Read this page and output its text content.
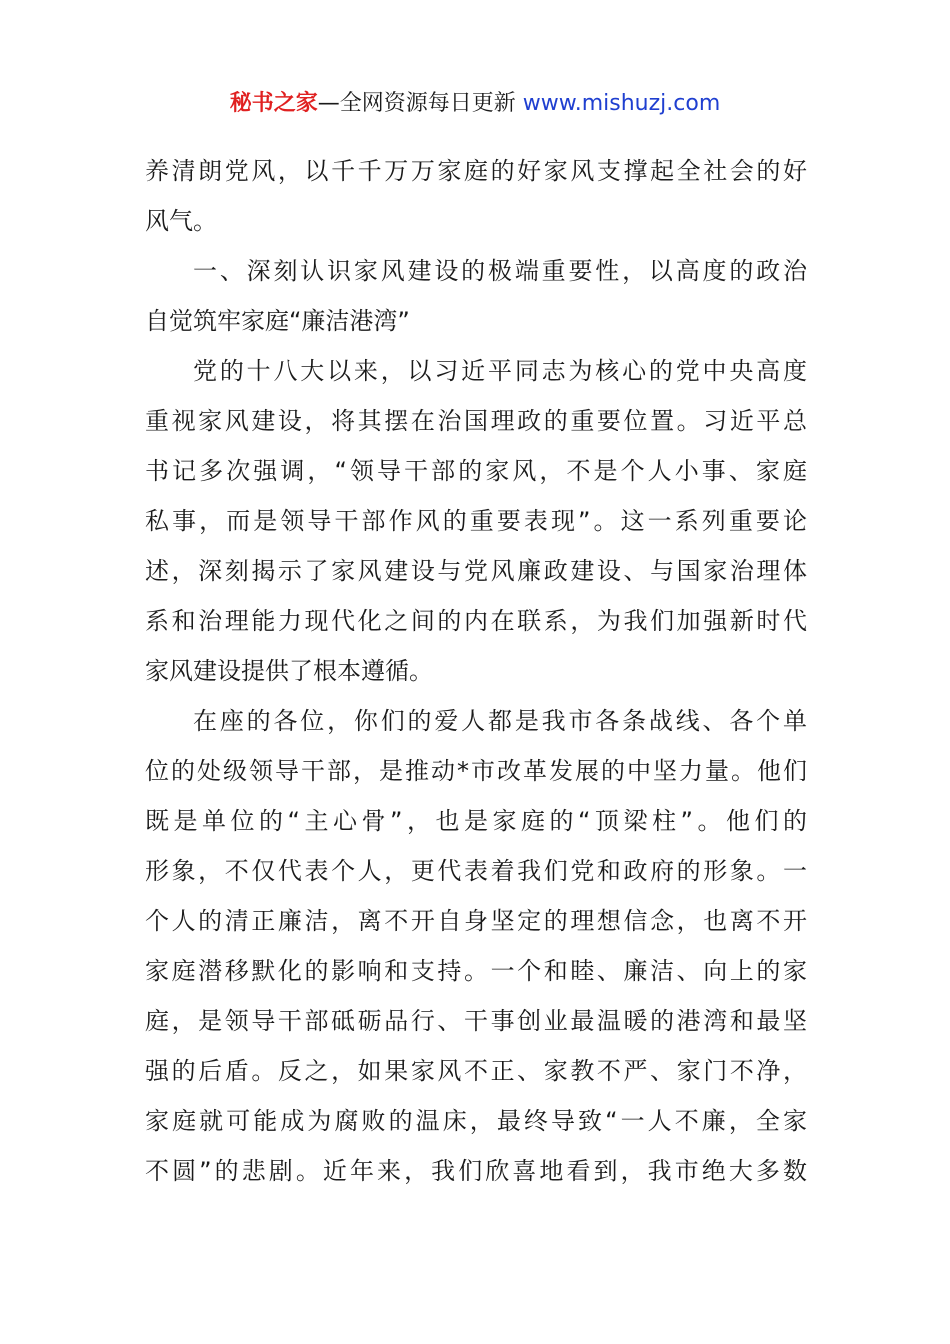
秘书之家—全网资源每日更新 www.mishuzj.com
养清朗党风，以千千万万家庭的好家风支撑起全社会的好
风气。
一、深刻认识家风建设的极端重要性，以高度的政治
自觉筑牢家庭“廉洁港湾”
党的十八大以来，以习近平同志为核心的党中央高度
重视家风建设，将其摆在治国理政的重要位置。习近平总
书记多次强调，“领导干部的家风，不是个人小事、家庭
私事，而是领导干部作风的重要表现”。这一系列重要论
述，深刻揭示了家风建设与党风廉政建设、与国家治理体
系和治理能力现代化之间的内在联系，为我们加强新时代
家风建设提供了根本遵循。
在座的各位，你们的爱人都是我市各条战线、各个单
位的处级领导干部，是推动*市改革发展的中坚力量。他们
既是单位的“主心骨”，也是家庭的“顶梁柱”。他们的
形象，不仅代表个人，更代表着我们党和政府的形象。一
个人的清正廉洁，离不开自身坚定的理想信念，也离不开
家庭潜移默化的影响和支持。一个和睦、廉洁、向上的家
庭，是领导干部砥砺品行、干事创业最温暖的港湾和最坚
强的后盾。反之，如果家风不正、家教不严、家门不净，
家庭就可能成为腐败的温床，最终导致“一人不廉，全家
不圆”的悲剧。近年来，我们欣喜地看到，我市绝大多数
